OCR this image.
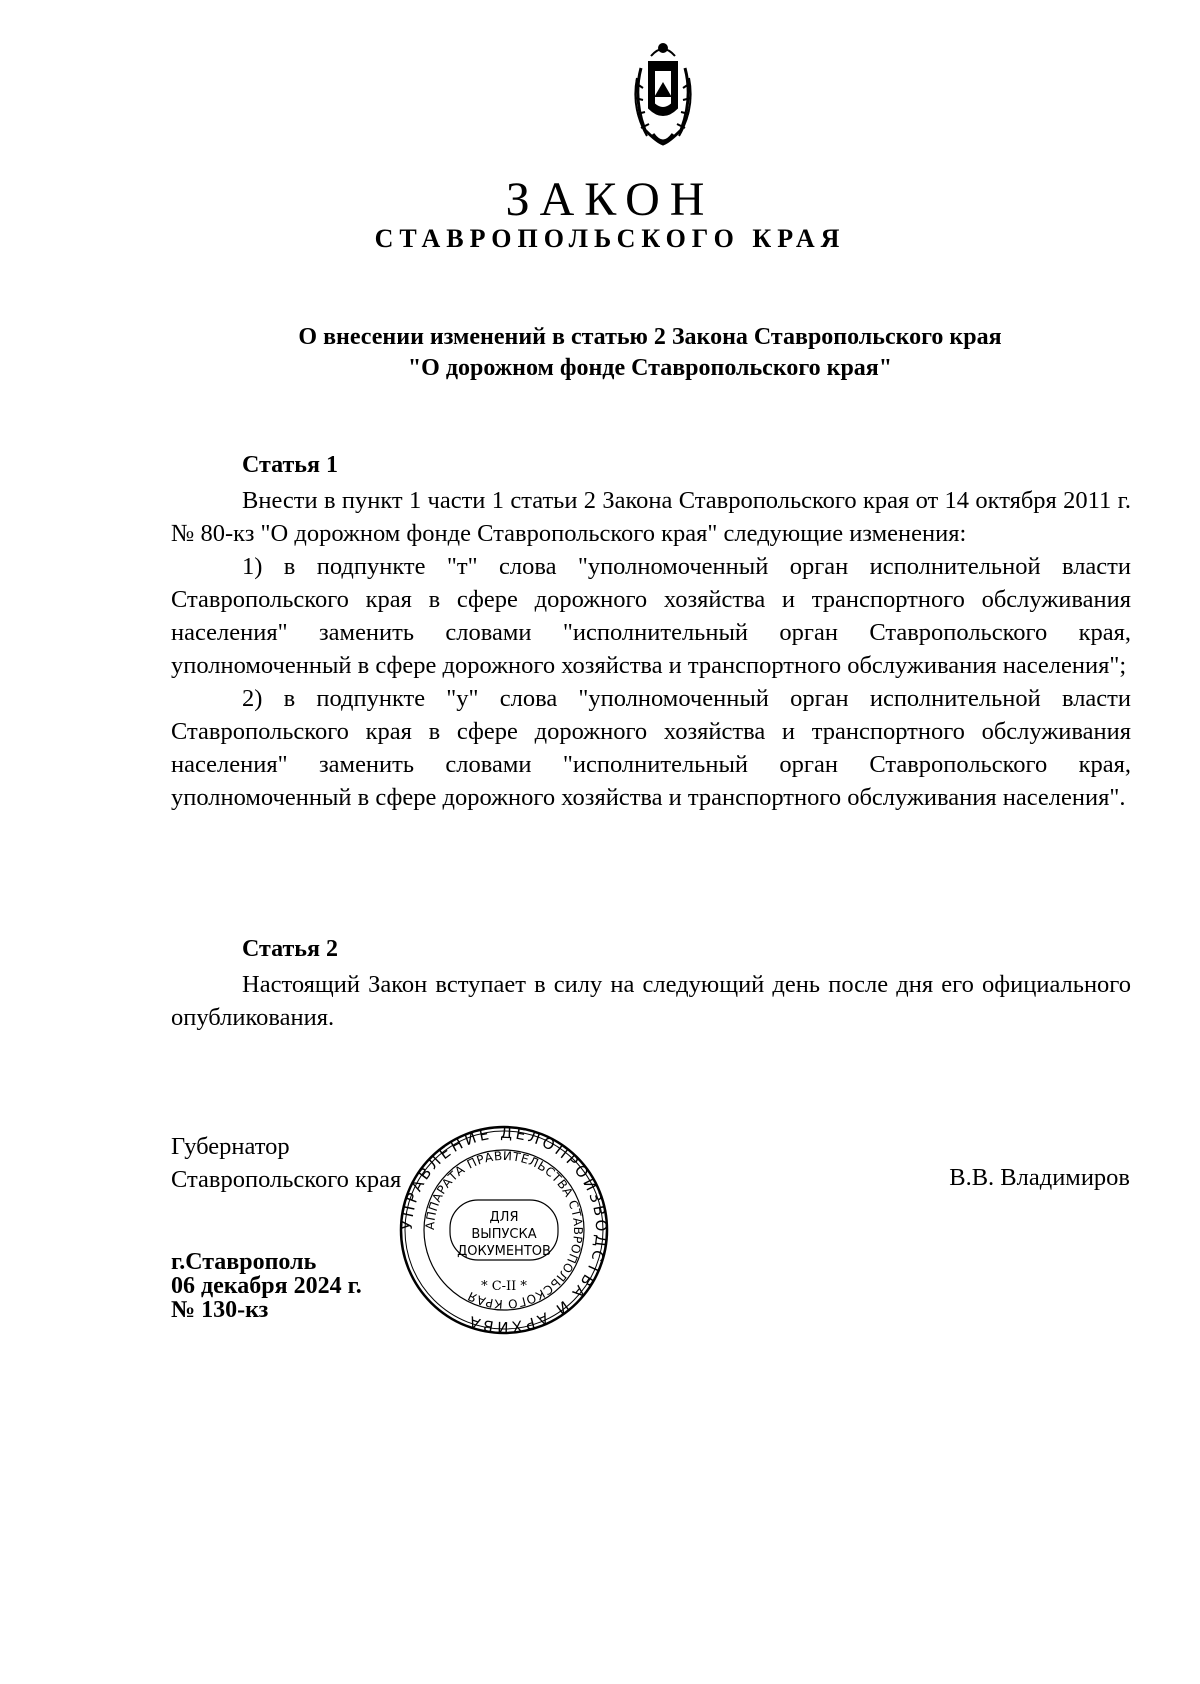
ЗАКОН
СТАВРОПОЛЬСКОГО КРАЯ
О внесении изменений в статью 2 Закона Ставропольского края
"О дорожном фонде Ставропольского края"
Статья 1

Внести в пункт 1 части 1 статьи 2 Закона Ставропольского края от 14 октября 2011 г. № 80-кз "О дорожном фонде Ставропольского края" следующие изменения:

1) в подпункте "т" слова "уполномоченный орган исполнительной власти Ставропольского края в сфере дорожного хозяйства и транспортного обслуживания населения" заменить словами "исполнительный орган Ставропольского края, уполномоченный в сфере дорожного хозяйства и транспортного обслуживания населения";

2) в подпункте "у" слова "уполномоченный орган исполнительной власти Ставропольского края в сфере дорожного хозяйства и транспортного обслуживания населения" заменить словами "исполнительный орган Ставропольского края, уполномоченный в сфере дорожного хозяйства и транспортного обслуживания населения".

Статья 2

Настоящий Закон вступает в силу на следующий день после дня его официального опубликования.

Губернатор
Ставропольского края	В.В. Владимиров
г.Ставрополь
06 декабря 2024 г.
№ 130-кз
УПРАВЛЕНИЕ ДЕЛОПРОИЗВОДСТВА И АРХИВА
АППАРАТА ПРАВИТЕЛЬСТВА СТАВРОПОЛЬСКОГО КРАЯ
ДЛЯ
ВЫПУСКА
ДОКУМЕНТОВ
* С-II *
